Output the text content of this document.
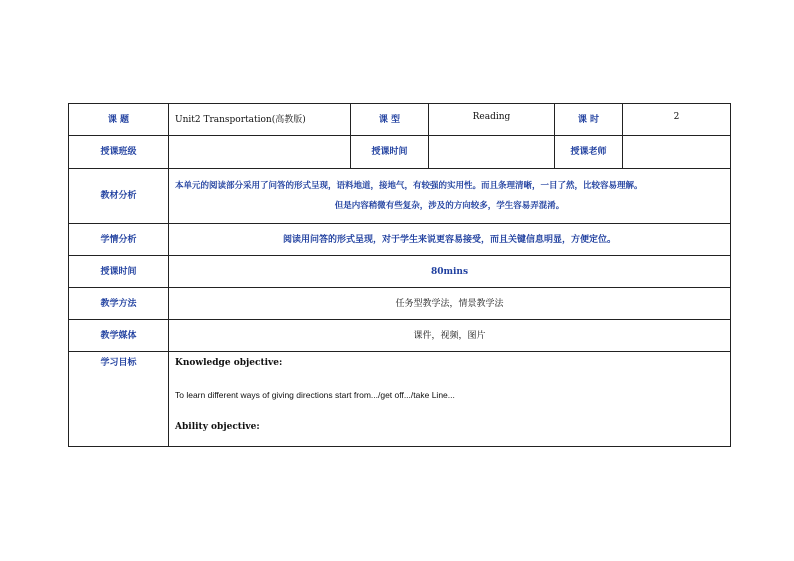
课 题	Unit2 Transportation(高教版)	课 型	Reading	课 时	2
授课班级		授课时间		授课老师	
教材分析	本单元的阅读部分采用了问答的形式呈现，语料地道，接地气，有较强的实用性。而且条理清晰，一目了然，比较容易理解。
但是内容稍微有些复杂，涉及的方向较多，学生容易弄混淆。				

学情分析	阅读用问答的形式呈现，对于学生来说更容易接受，而且关键信息明显，方便定位。				
授课时间	80mins				
教学方法	任务型教学法，情景教学法				
教学媒体	课件，视频，图片				
学习目标	Knowledge objective:
To learn different ways of giving directions start from.../get off.../take Line...
Ability objective:				
